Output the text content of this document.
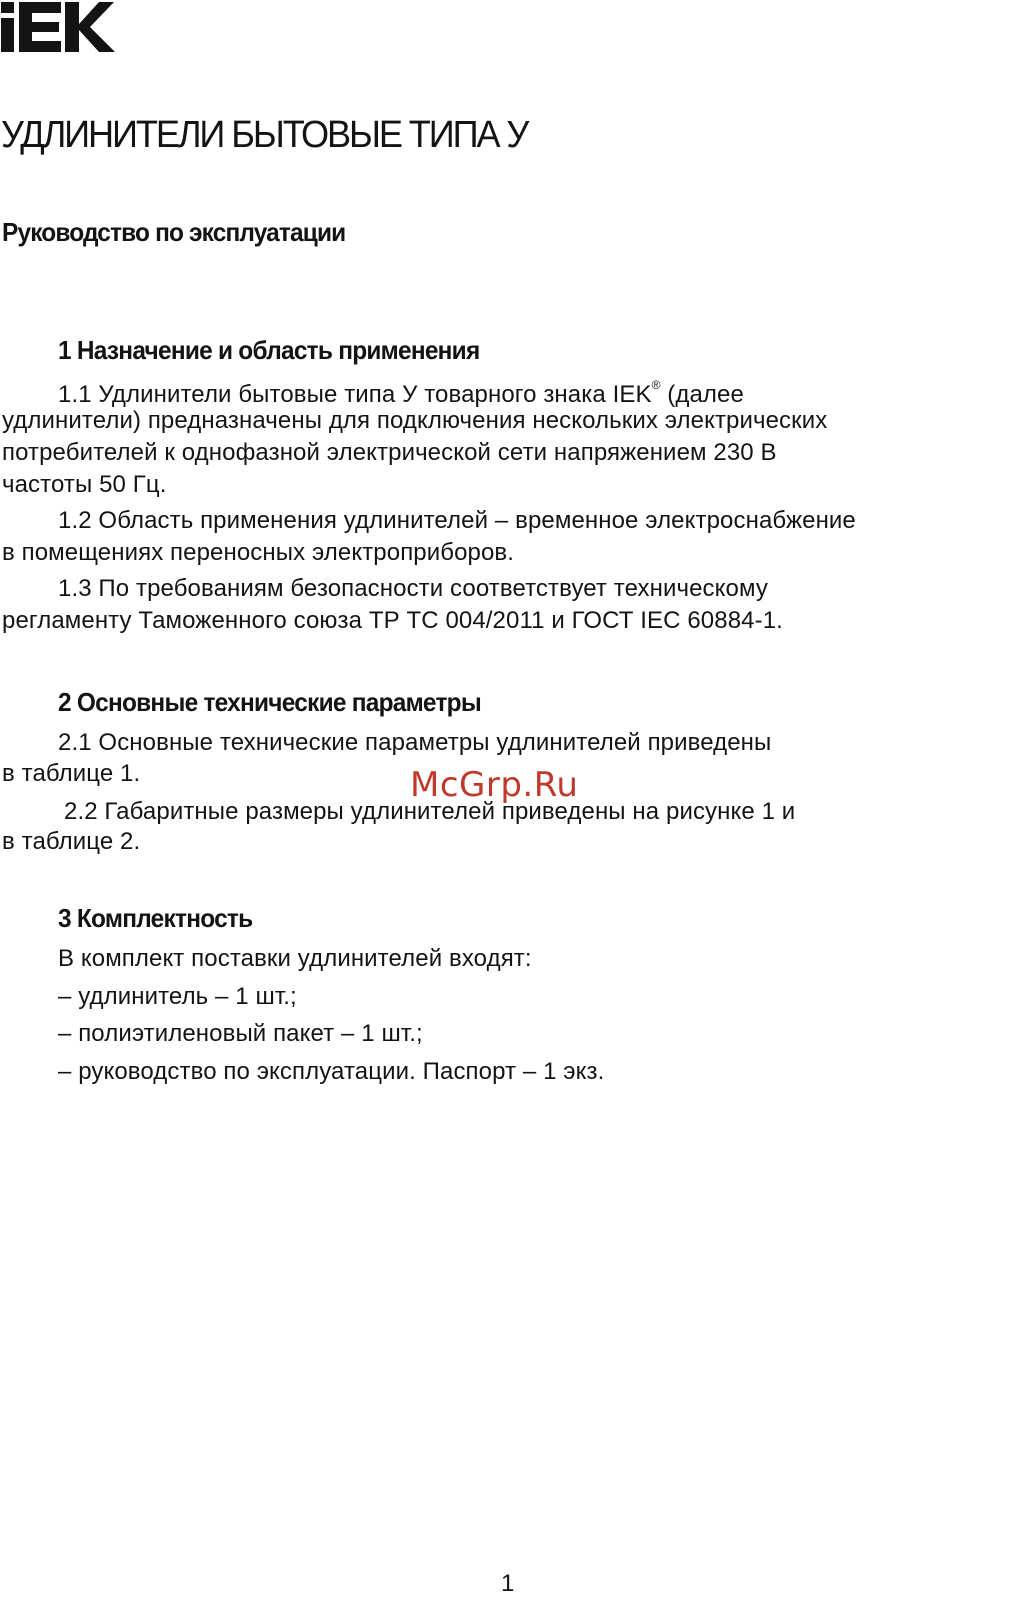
УДЛИНИТЕЛИ БЫТОВЫЕ ТИПА У
Руководство по эксплуатации
1 Назначение и область применения
1.1 Удлинители бытовые типа У товарного знака IEK® (далее
удлинители) предназначены для подключения нескольких электрических
потребителей к однофазной электрической сети напряжением 230 В
частоты 50 Гц.
1.2 Область применения удлинителей – временное электроснабжение
в помещениях переносных электроприборов.
1.3 По требованиям безопасности соответствует техническому
регламенту Таможенного союза ТР ТС 004/2011 и ГОСТ IEC 60884-1.
2 Основные технические параметры
2.1 Основные технические параметры удлинителей приведены
в таблице 1.
2.2 Габаритные размеры удлинителей приведены на рисунке 1 и
в таблице 2.
3 Комплектность
В комплект поставки удлинителей входят:
– удлинитель – 1 шт.;
– полиэтиленовый пакет – 1 шт.;
– руководство по эксплуатации. Паспорт – 1 экз.
McGrp.Ru
1
